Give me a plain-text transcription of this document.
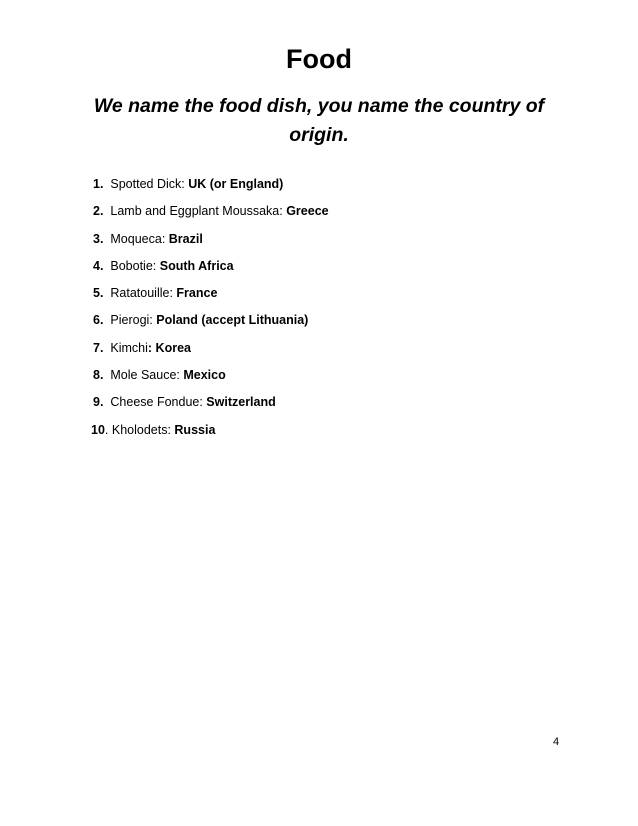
Food
We name the food dish, you name the country of origin.
1. Spotted Dick: UK (or England)
2. Lamb and Eggplant Moussaka: Greece
3. Moqueca: Brazil
4. Bobotie: South Africa
5. Ratatouille: France
6. Pierogi: Poland (accept Lithuania)
7. Kimchi: Korea
8. Mole Sauce: Mexico
9. Cheese Fondue: Switzerland
10. Kholodets: Russia
4
